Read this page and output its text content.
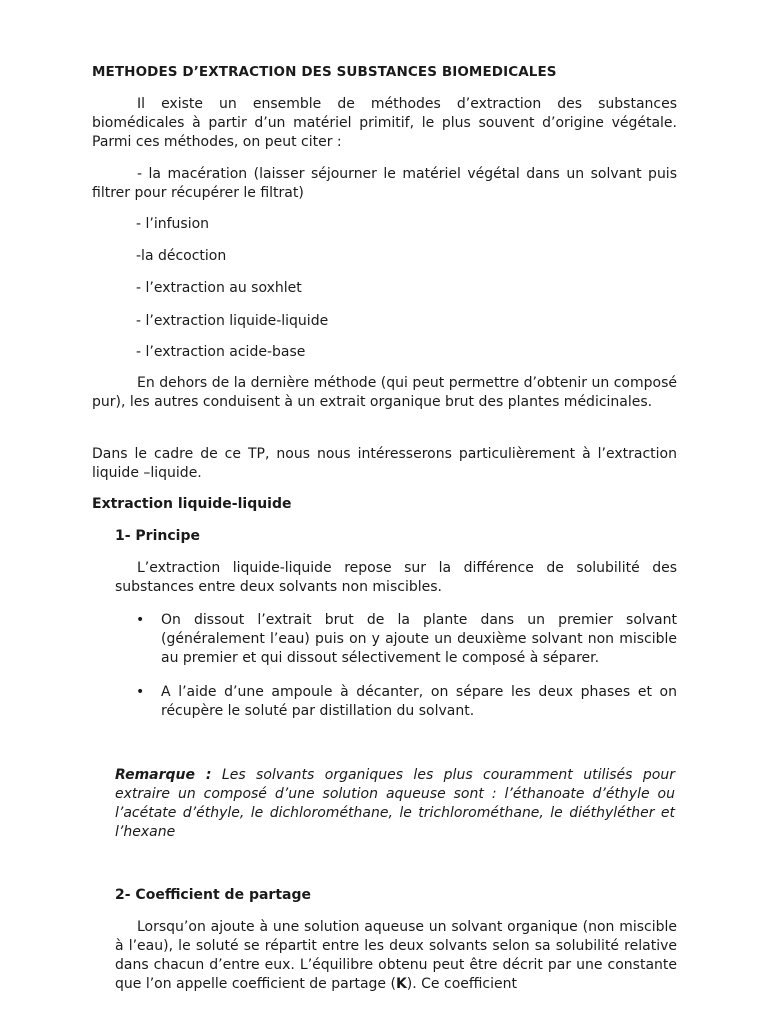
METHODES D’EXTRACTION DES SUBSTANCES BIOMEDICALES

Il existe un ensemble de méthodes d’extraction des substances biomédicales à partir d’un matériel primitif, le plus souvent d’origine végétale. Parmi ces méthodes, on peut citer :

- la macération (laisser séjourner le matériel végétal dans un solvant puis filtrer pour récupérer le filtrat)

- l’infusion
-la décoction
- l’extraction au soxhlet
- l’extraction liquide-liquide
- l’extraction acide-base

En dehors de la dernière méthode (qui peut permettre d’obtenir un composé pur), les autres conduisent à un extrait organique brut des plantes médicinales.

Dans le cadre de ce TP, nous nous intéresserons particulièrement à l’extraction liquide –liquide.

Extraction liquide-liquide
1- Principe

L’extraction liquide-liquide repose sur la différence de solubilité des substances entre deux solvants non miscibles.

• On dissout l’extrait brut de la plante dans un premier solvant (généralement l’eau) puis on y ajoute un deuxième solvant non miscible au premier et qui dissout sélectivement le composé à séparer.
• A l’aide d’une ampoule à décanter, on sépare les deux phases et on récupère le soluté par distillation du solvant.

Remarque : Les solvants organiques les plus couramment utilisés pour extraire un composé d’une solution aqueuse sont : l’éthanoate d’éthyle ou l’acétate d’éthyle, le dichlorométhane, le trichlorométhane, le diéthyléther et l’hexane

2- Coefficient de partage

Lorsqu’on ajoute à une solution aqueuse un solvant organique (non miscible à l’eau), le soluté se répartit entre les deux solvants selon sa solubilité relative dans chacun d’entre eux. L’équilibre obtenu peut être décrit par une constante que l’on appelle coefficient de partage (K). Ce coefficient
